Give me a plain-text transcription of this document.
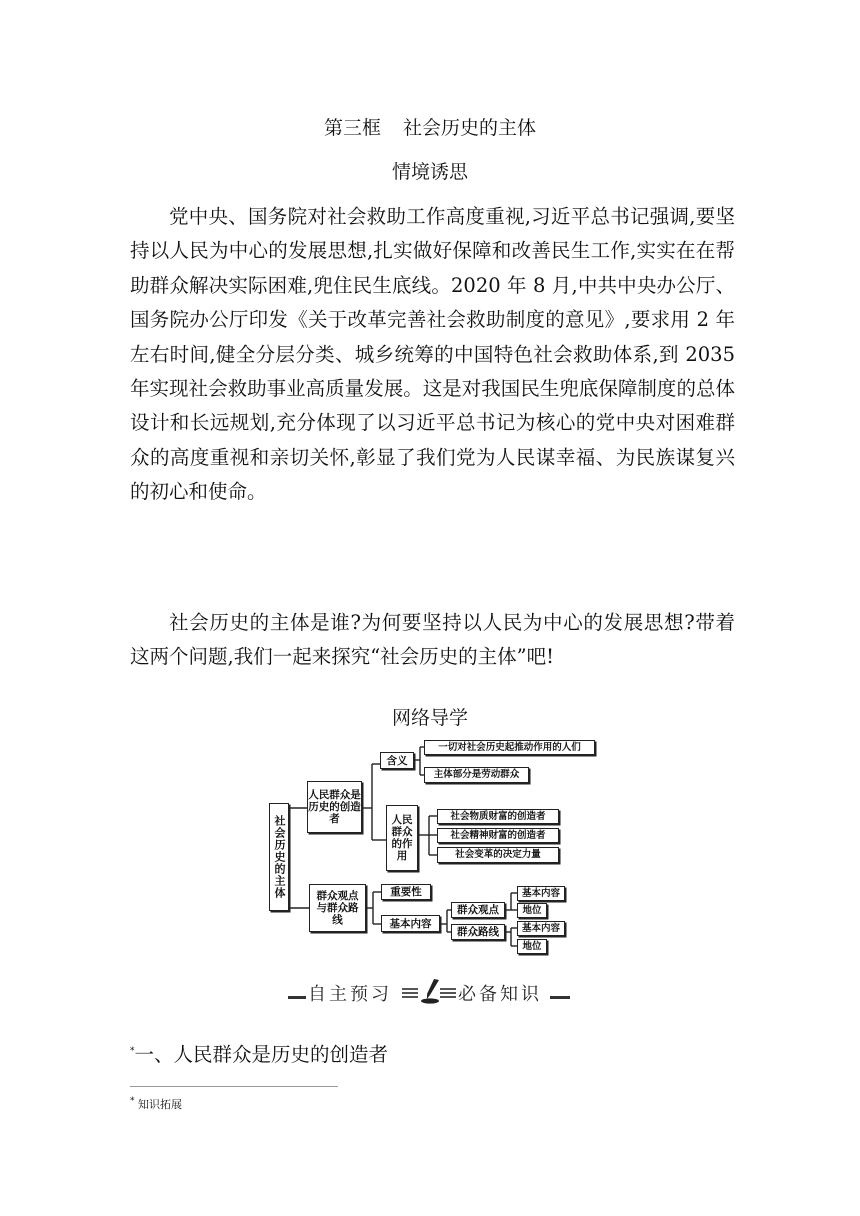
第三框 社会历史的主体
情境诱思

党中央、国务院对社会救助工作高度重视,习近平总书记强调,要坚持以人民为中心的发展思想,扎实做好保障和改善民生工作,实实在在帮助群众解决实际困难,兜住民生底线。2020 年 8 月,中共中央办公厅、国务院办公厅印发《关于改革完善社会救助制度的意见》,要求用 2 年左右时间,健全分层分类、城乡统筹的中国特色社会救助体系,到 2035 年实现社会救助事业高质量发展。这是对我国民生兜底保障制度的总体设计和长远规划,充分体现了以习近平总书记为核心的党中央对困难群众的高度重视和亲切关怀,彰显了我们党为人民谋幸福、为民族谋复兴的初心和使命。

社会历史的主体是谁?为何要坚持以人民为中心的发展思想?带着这两个问题,我们一起来探究“社会历史的主体”吧!

网络导学
社会历史的主体
人民群众是历史的创造者
含义
一切对社会历史起推动作用的人们
主体部分是劳动群众
人民群众的作用
社会物质财富的创造者
社会精神财富的创造者
社会变革的决定力量
群众观点与群众路线
重要性
基本内容
群众观点
群众路线
基本内容
地位
基本内容
地位
自主预习	必备知识
*一、人民群众是历史的创造者
* 知识拓展
